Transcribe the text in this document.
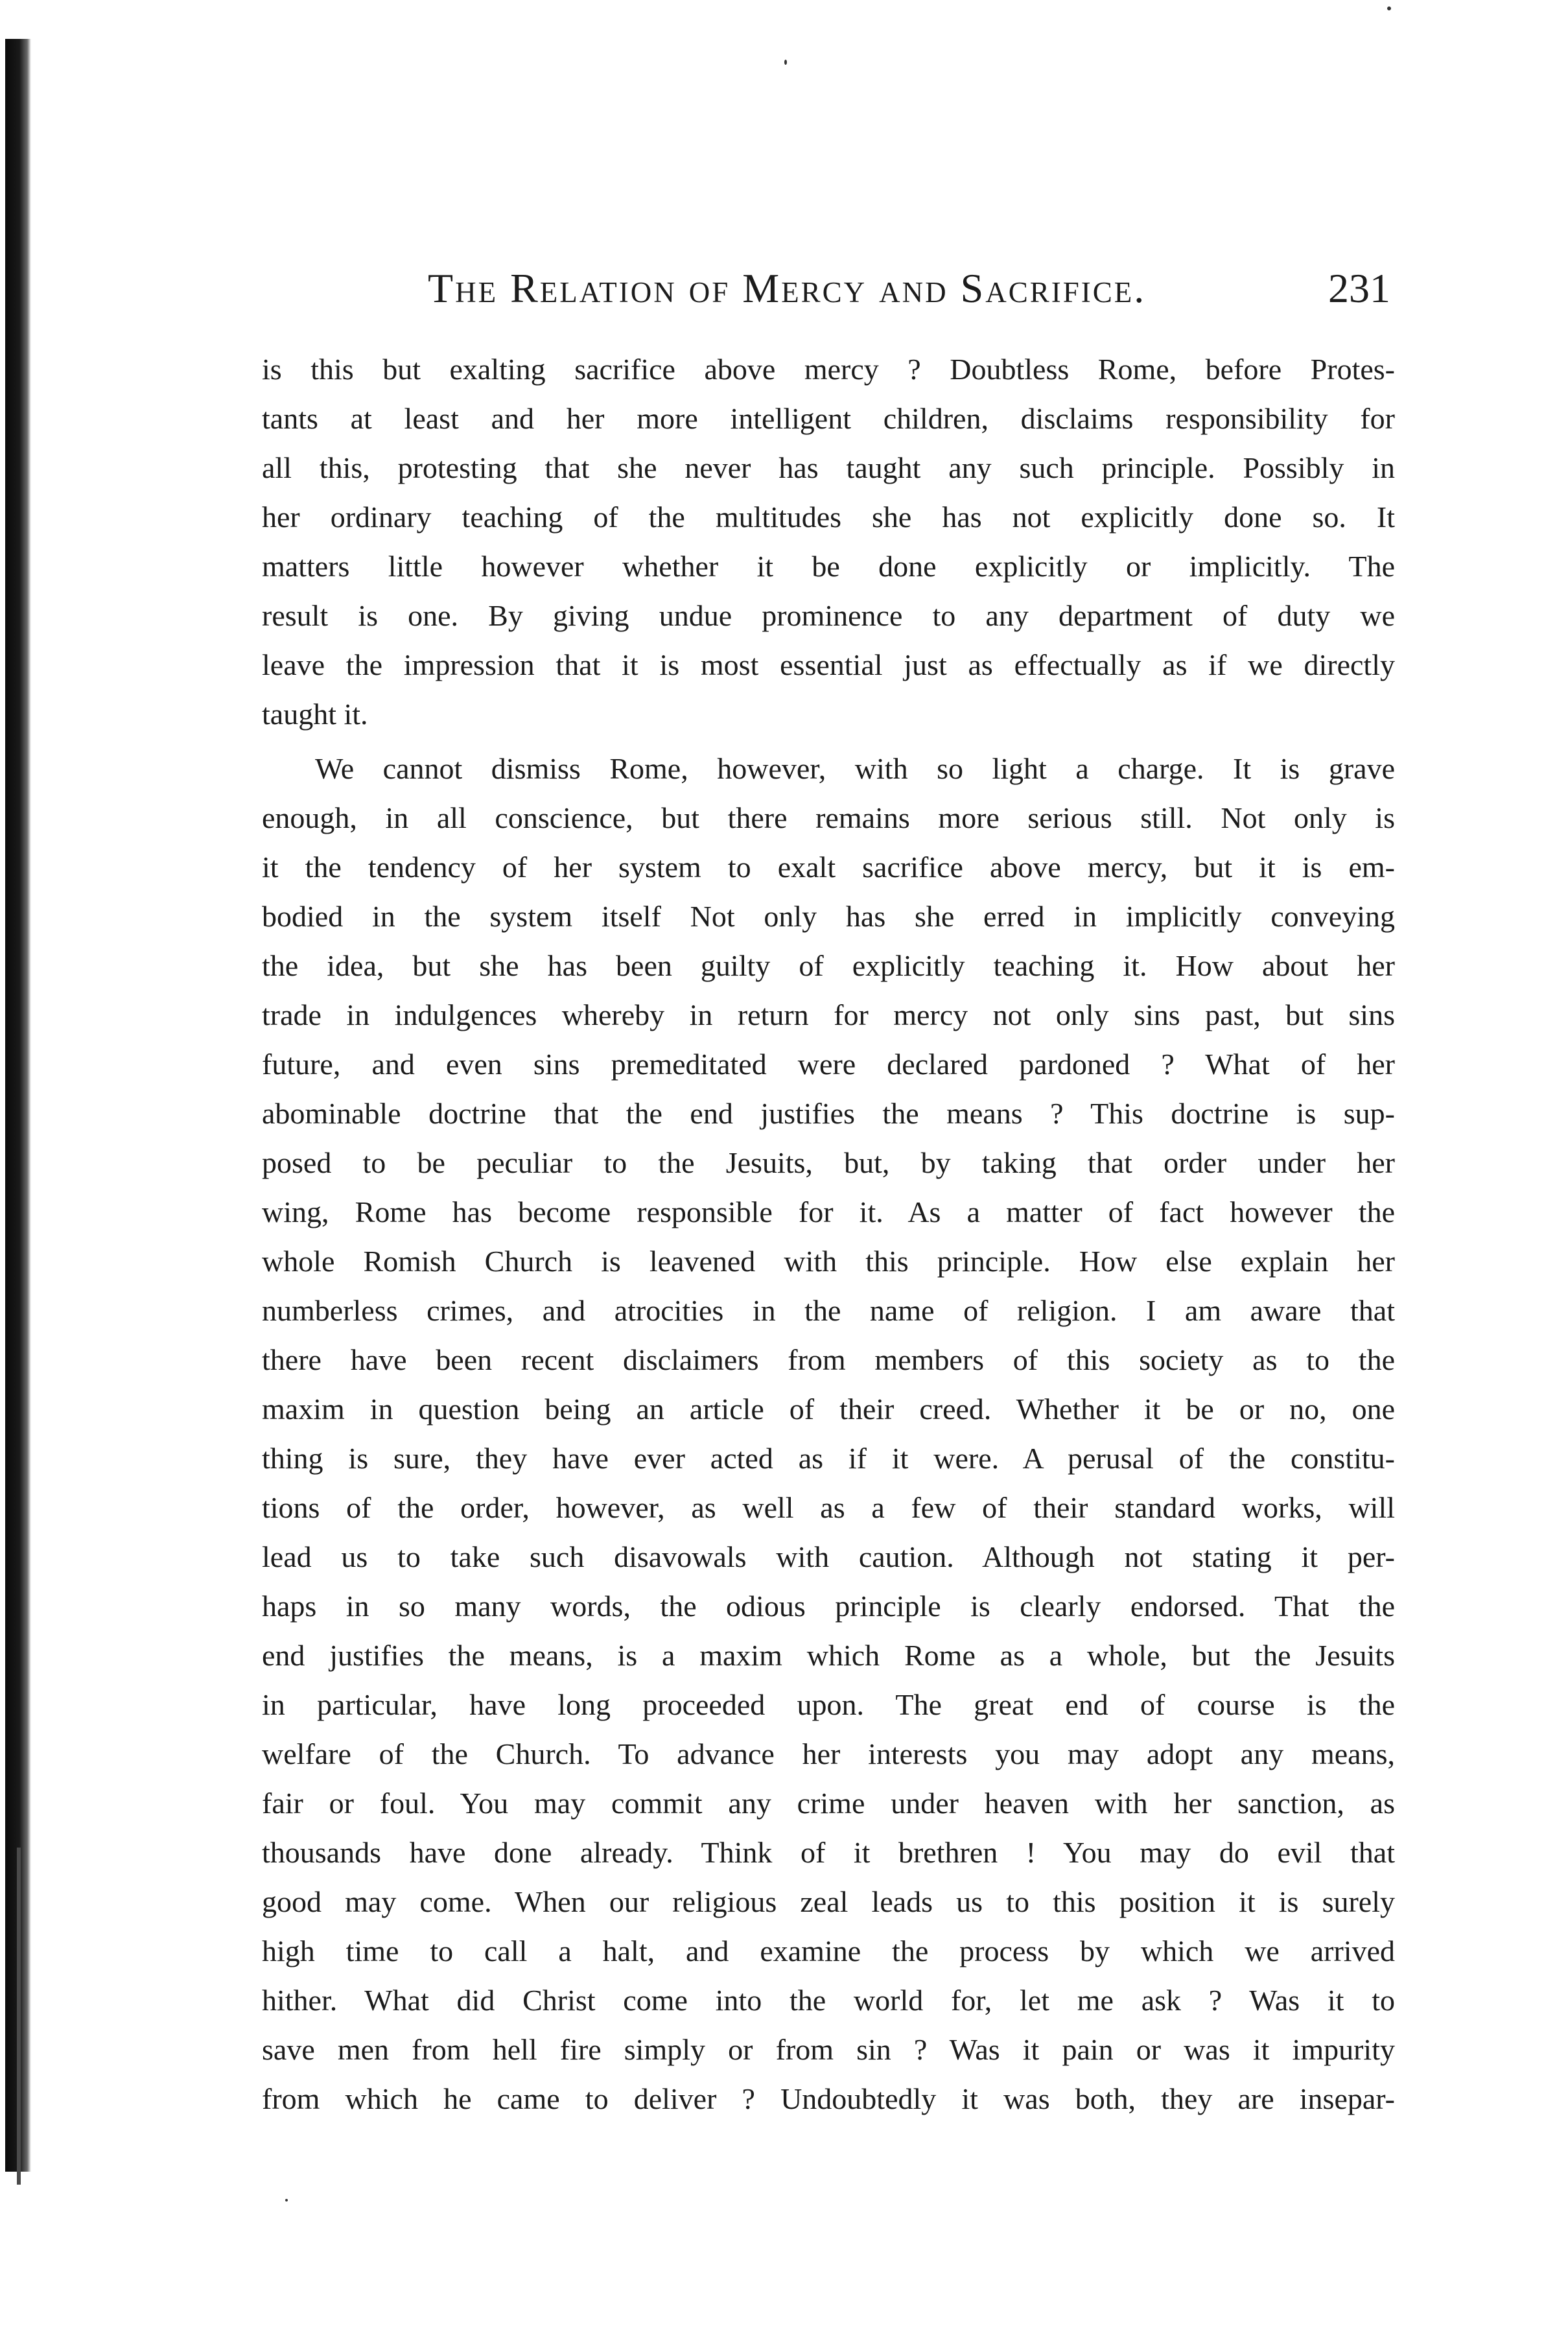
The Relation of Mercy and Sacrifice.	231
is this but exalting sacrifice above mercy ? Doubtless Rome, before Protes-
tants at least and her more intelligent children, disclaims responsibility for
all this, protesting that she never has taught any such principle. Possibly in
her ordinary teaching of the multitudes she has not explicitly done so. It
matters little however whether it be done explicitly or implicitly. The
result is one. By giving undue prominence to any department of duty we
leave the impression that it is most essential just as effectually as if we directly
taught it.
We cannot dismiss Rome, however, with so light a charge. It is grave
enough, in all conscience, but there remains more serious still. Not only is
it the tendency of her system to exalt sacrifice above mercy, but it is em-
bodied in the system itself Not only has she erred in implicitly conveying
the idea, but she has been guilty of explicitly teaching it. How about her
trade in indulgences whereby in return for mercy not only sins past, but sins
future, and even sins premeditated were declared pardoned ? What of her
abominable doctrine that the end justifies the means ? This doctrine is sup-
posed to be peculiar to the Jesuits, but, by taking that order under her
wing, Rome has become responsible for it. As a matter of fact however the
whole Romish Church is leavened with this principle. How else explain her
numberless crimes, and atrocities in the name of religion. I am aware that
there have been recent disclaimers from members of this society as to the
maxim in question being an article of their creed. Whether it be or no, one
thing is sure, they have ever acted as if it were. A perusal of the constitu-
tions of the order, however, as well as a few of their standard works, will
lead us to take such disavowals with caution. Although not stating it per-
haps in so many words, the odious principle is clearly endorsed. That the
end justifies the means, is a maxim which Rome as a whole, but the Jesuits
in particular, have long proceeded upon. The great end of course is the
welfare of the Church. To advance her interests you may adopt any means,
fair or foul. You may commit any crime under heaven with her sanction, as
thousands have done already. Think of it brethren ! You may do evil that
good may come. When our religious zeal leads us to this position it is surely
high time to call a halt, and examine the process by which we arrived
hither. What did Christ come into the world for, let me ask ? Was it to
save men from hell fire simply or from sin ? Was it pain or was it impurity
from which he came to deliver ? Undoubtedly it was both, they are insepar-
